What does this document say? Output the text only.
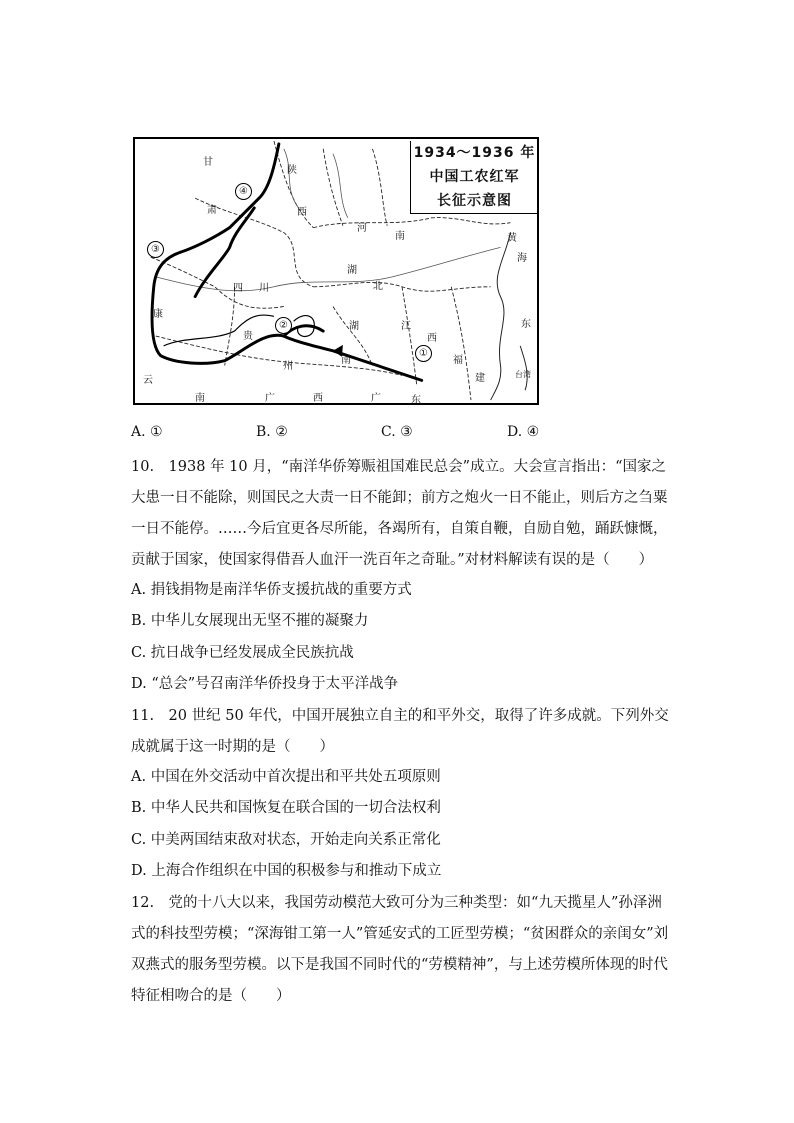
1934～1936 年
中国工农红军
长征示意图
甘
陕
肃	西
河
南
湖
北
四 川
黄
海
东
江
西
福
建
康
贵
州
湖
南
广	西	广	东
云
南
台湾
①
②
③
④
A. ①	B. ②	C. ③	D. ④

10.　1938 年 10 月，“南洋华侨筹赈祖国难民总会”成立。大会宣言指出：“国家之大患一日不能除，则国民之大责一日不能卸；前方之炮火一日不能止，则后方之刍粟一日不能停。……今后宜更各尽所能，各竭所有，自策自鞭，自励自勉，踊跃慷慨，贡献于国家，使国家得借吾人血汗一洗百年之奇耻。”对材料解读有误的是（　　）

A. 捐钱捐物是南洋华侨支援抗战的重要方式
B. 中华儿女展现出无坚不摧的凝聚力
C. 抗日战争已经发展成全民族抗战
D. “总会”号召南洋华侨投身于太平洋战争

11.　20 世纪 50 年代，中国开展独立自主的和平外交，取得了许多成就。下列外交成就属于这一时期的是（　　）

A. 中国在外交活动中首次提出和平共处五项原则
B. 中华人民共和国恢复在联合国的一切合法权利
C. 中美两国结束敌对状态，开始走向关系正常化
D. 上海合作组织在中国的积极参与和推动下成立

12.　党的十八大以来，我国劳动模范大致可分为三种类型：如“九天揽星人”孙泽洲式的科技型劳模；“深海钳工第一人”管延安式的工匠型劳模；“贫困群众的亲闺女”刘双燕式的服务型劳模。以下是我国不同时代的“劳模精神”，与上述劳模所体现的时代特征相吻合的是（　　）
